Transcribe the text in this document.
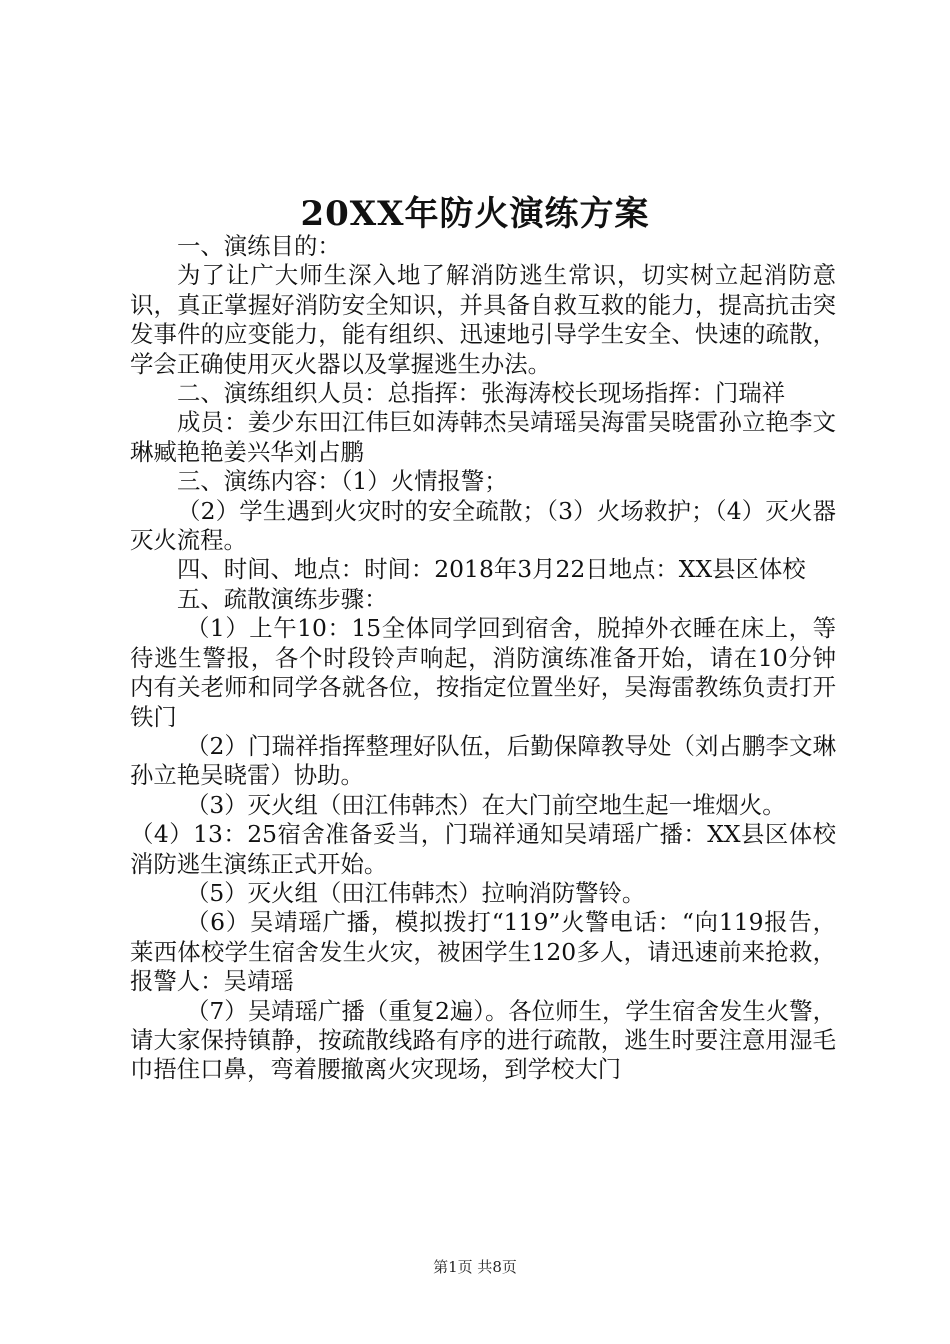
20XX年防火演练方案

一、演练目的：

为了让广大师生深入地了解消防逃生常识，切实树立起消防意识，真正掌握好消防安全知识，并具备自救互救的能力，提高抗击突发事件的应变能力，能有组织、迅速地引导学生安全、快速的疏散，学会正确使用灭火器以及掌握逃生办法。

二、演练组织人员：总指挥：张海涛校长现场指挥：门瑞祥

成员：姜少东田江伟巨如涛韩杰吴靖瑶吴海雷吴晓雷孙立艳李文琳臧艳艳姜兴华刘占鹏

三、演练内容：（1）火情报警；

（2）学生遇到火灾时的安全疏散；（3）火场救护；（4）灭火器灭火流程。

四、时间、地点：时间：2018年3月22日地点：XX县区体校

五、疏散演练步骤：

（1）上午10：15全体同学回到宿舍，脱掉外衣睡在床上，等待逃生警报，各个时段铃声响起，消防演练准备开始，请在10分钟内有关老师和同学各就各位，按指定位置坐好，吴海雷教练负责打开铁门

（2）门瑞祥指挥整理好队伍，后勤保障教导处（刘占鹏李文琳孙立艳吴晓雷）协助。

（3）灭火组（田江伟韩杰）在大门前空地生起一堆烟火。

（4）13：25宿舍准备妥当，门瑞祥通知吴靖瑶广播：XX县区体校消防逃生演练正式开始。

（5）灭火组（田江伟韩杰）拉响消防警铃。

（6）吴靖瑶广播，模拟拨打“119”火警电话：“向119报告，莱西体校学生宿舍发生火灾，被困学生120多人，请迅速前来抢救，报警人：吴靖瑶

（7）吴靖瑶广播（重复2遍）。各位师生，学生宿舍发生火警，请大家保持镇静，按疏散线路有序的进行疏散，逃生时要注意用湿毛巾捂住口鼻，弯着腰撤离火灾现场，到学校大门

第1页 共8页
